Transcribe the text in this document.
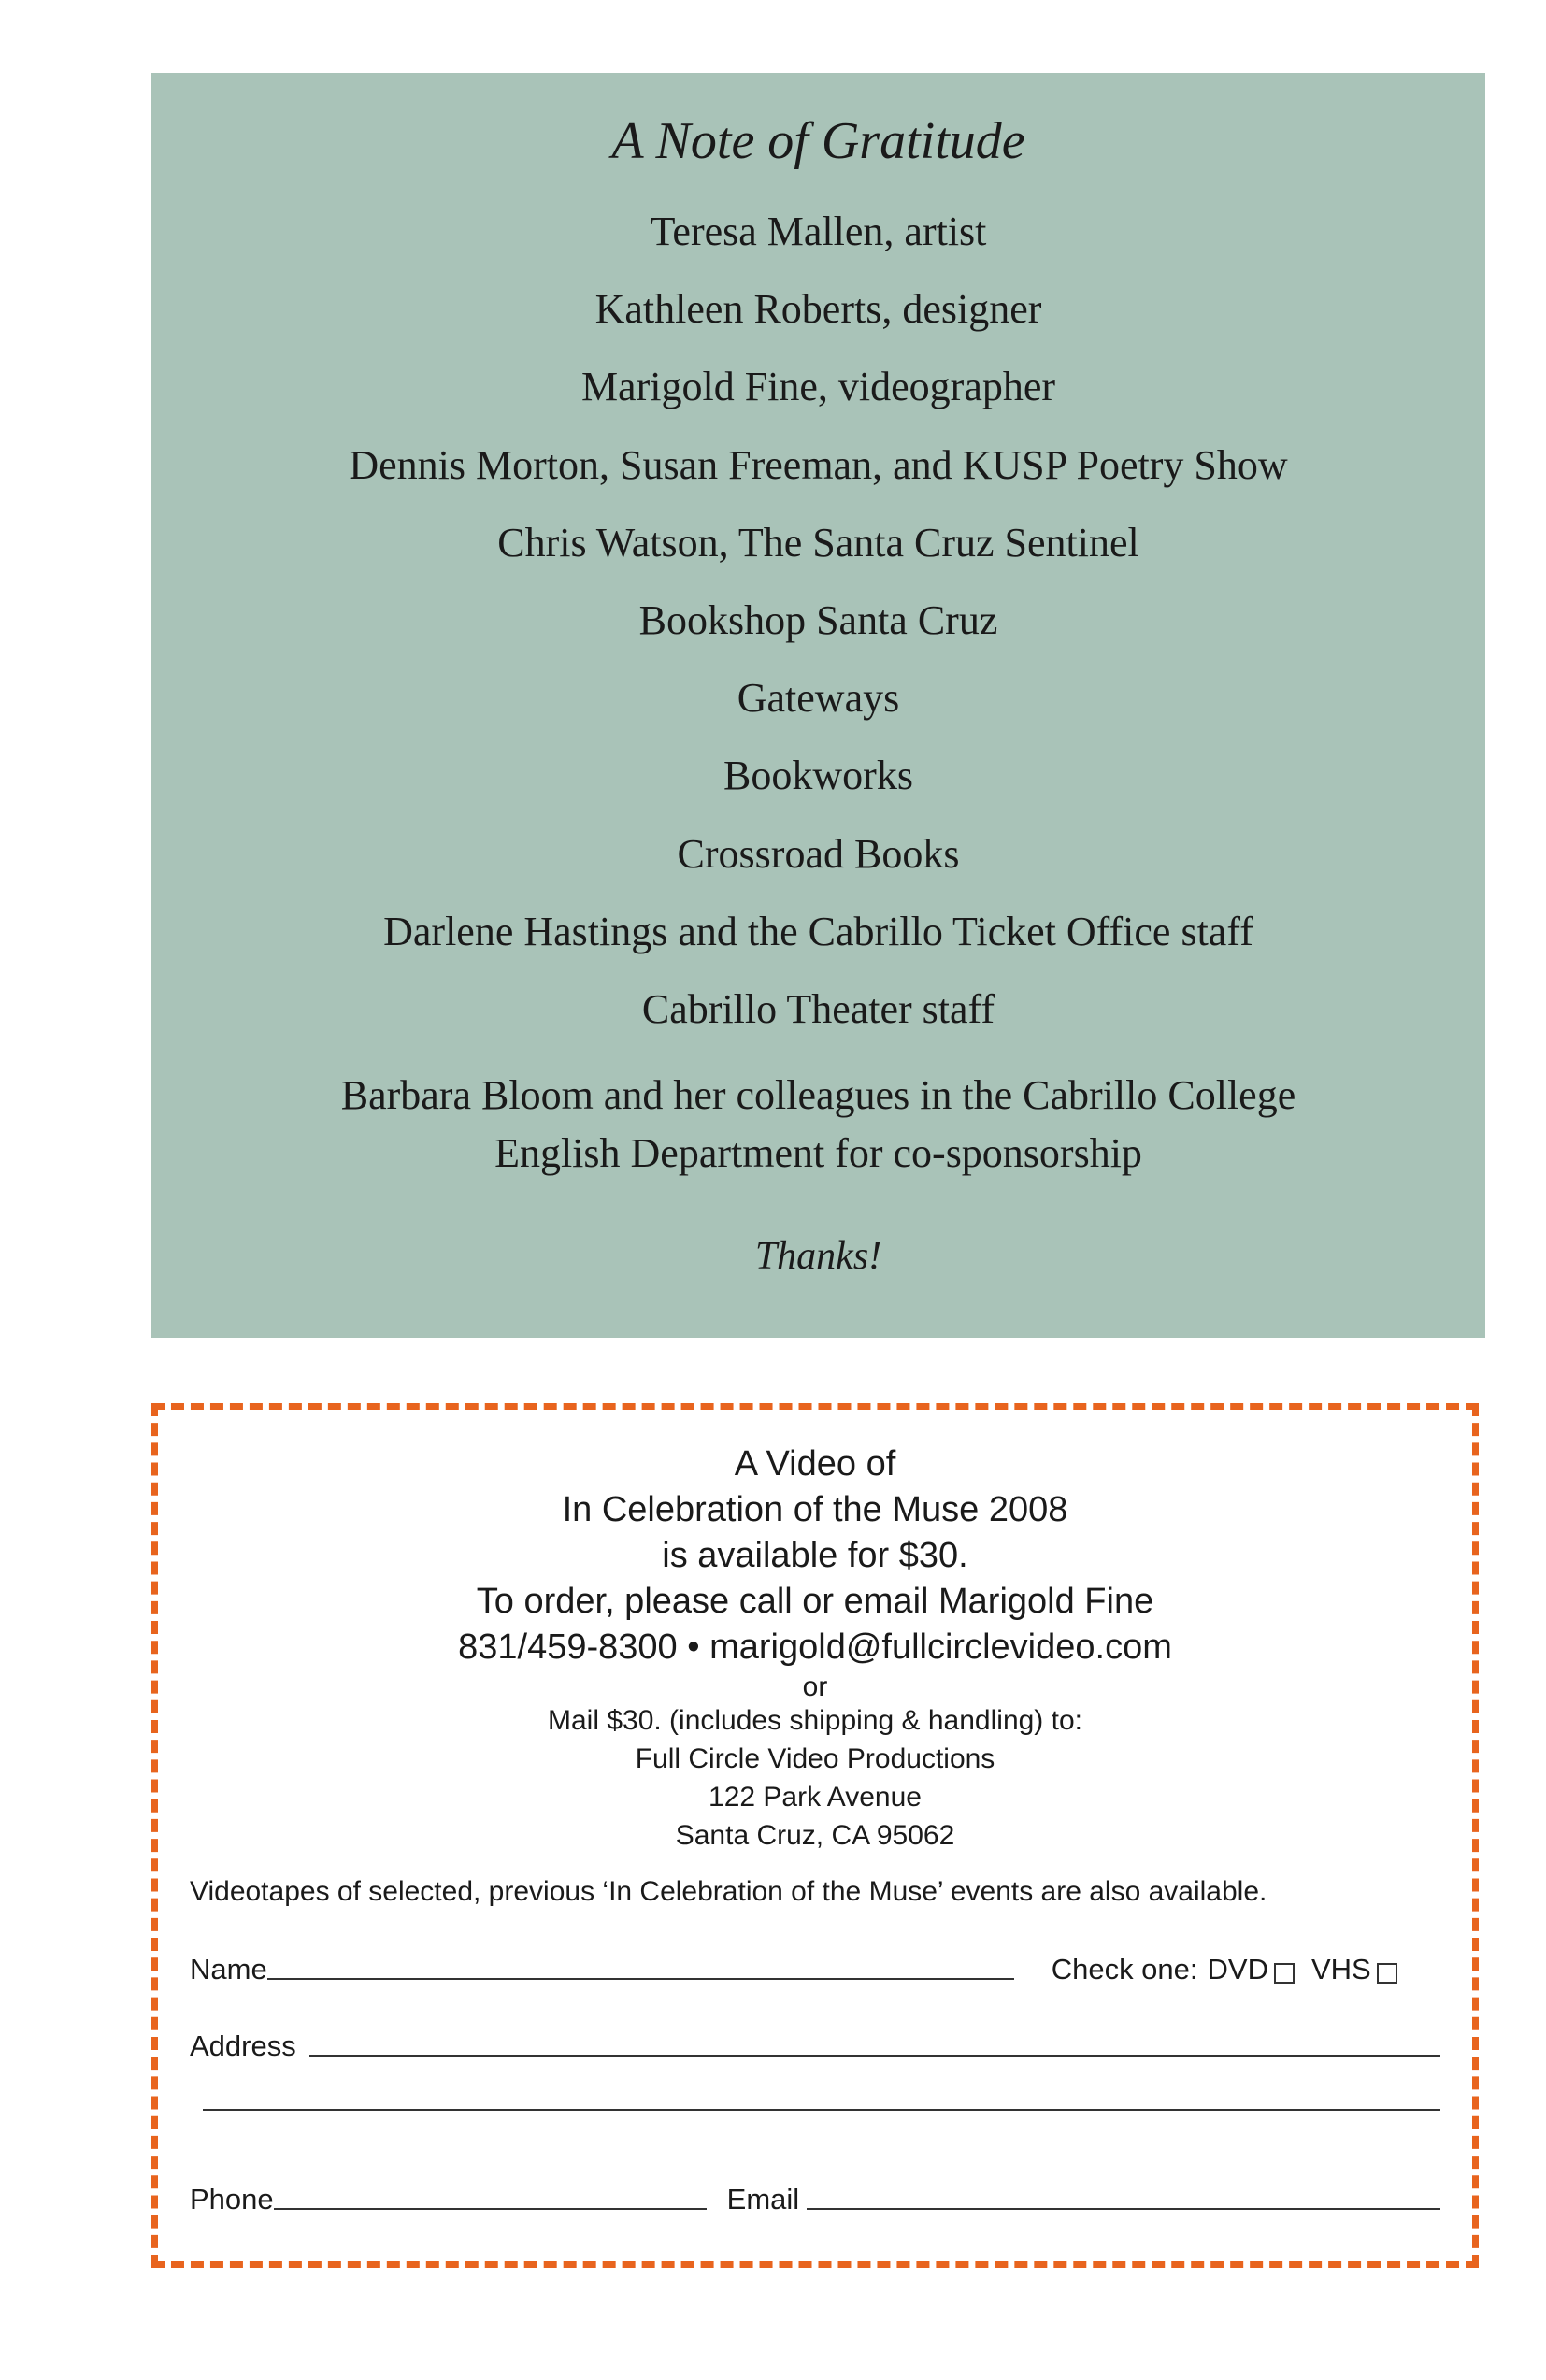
A Note of Gratitude
Teresa Mallen, artist
Kathleen Roberts, designer
Marigold Fine, videographer
Dennis Morton, Susan Freeman, and KUSP Poetry Show
Chris Watson, The Santa Cruz Sentinel
Bookshop Santa Cruz
Gateways
Bookworks
Crossroad Books
Darlene Hastings and the Cabrillo Ticket Office staff
Cabrillo Theater staff
Barbara Bloom and her colleagues in the Cabrillo College
English Department for co-sponsorship
Thanks!
A Video of
In Celebration of the Muse 2008
is available for $30.
To order, please call or email Marigold Fine
831/459-8300 • marigold@fullcirclevideo.com
or
Mail $30. (includes shipping & handling) to:
Full Circle Video Productions
122 Park Avenue
Santa Cruz, CA 95062
Videotapes of selected, previous ‘In Celebration of the Muse’ events are also available.
Name	Check one: DVD VHS
Address
Phone	Email
